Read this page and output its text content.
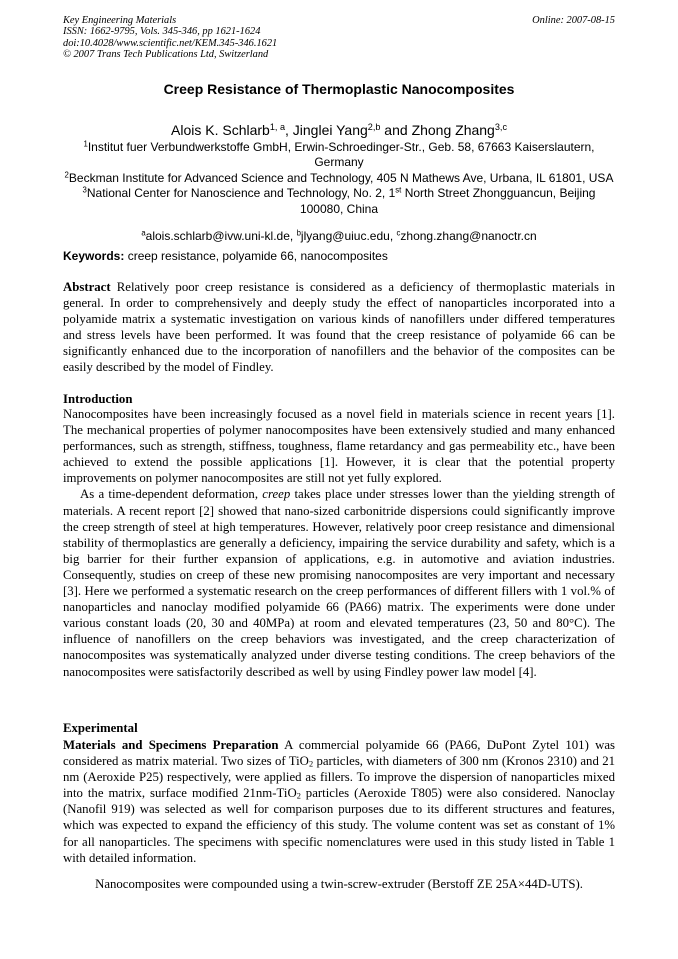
Key Engineering Materials
ISSN: 1662-9795, Vols. 345-346, pp 1621-1624
doi:10.4028/www.scientific.net/KEM.345-346.1621
© 2007 Trans Tech Publications Ltd, Switzerland
Online: 2007-08-15
Creep Resistance of Thermoplastic Nanocomposites
Alois K. Schlarb$^{1, a}$, Jinglei Yang$^{2,b}$ and Zhong Zhang$^{3,c}$

$^1$Institut fuer Verbundwerkstoffe GmbH, Erwin-Schroedinger-Str., Geb. 58, 67663 Kaiserslautern, Germany

$^2$Beckman Institute for Advanced Science and Technology, 405 N Mathews Ave, Urbana, IL 61801, USA

$^3$National Center for Nanoscience and Technology, No. 2, 1st North Street Zhongguancun, Beijing 100080, China

$^a$alois.schlarb@ivw.uni-kl.de, $^b$jlyang@uiuc.edu, $^c$zhong.zhang@nanoctr.cn
Keywords: creep resistance, polyamide 66, nanocomposites

Abstract Relatively poor creep resistance is considered as a deficiency of thermoplastic materials in general. In order to comprehensively and deeply study the effect of nanoparticles incorporated into a polyamide matrix a systematic investigation on various kinds of nanofillers under differed temperatures and stress levels have been performed. It was found that the creep resistance of polyamide 66 can be significantly enhanced due to the incorporation of nanofillers and the behavior of the composites can be easily described by the model of Findley.

Introduction

Nanocomposites have been increasingly focused as a novel field in materials science in recent years [1]. The mechanical properties of polymer nanocomposites have been extensively studied and many enhanced performances, such as strength, stiffness, toughness, flame retardancy and gas permeability etc., have been achieved to extend the possible applications [1]. However, it is clear that the potential property improvements on polymer nanocomposites are still not yet fully explored.

As a time-dependent deformation, creep takes place under stresses lower than the yielding strength of materials. A recent report [2] showed that nano-sized carbonitride dispersions could significantly improve the creep strength of steel at high temperatures. However, relatively poor creep resistance and dimensional stability of thermoplastics are generally a deficiency, impairing the service durability and safety, which is a big barrier for their further expansion of applications, e.g. in automotive and aviation industries. Consequently, studies on creep of these new promising nanocomposites are very important and necessary [3]. Here we performed a systematic research on the creep performances of different fillers with 1 vol.% of nanoparticles and nanoclay modified polyamide 66 (PA66) matrix. The experiments were done under various constant loads (20, 30 and 40MPa) at room and elevated temperatures (23, 50 and 80°C). The influence of nanofillers on the creep behaviors was investigated, and the creep characterization of nanocomposites was systematically analyzed under diverse testing conditions. The creep behaviors of the nanocomposites were satisfactorily described as well by using Findley power law model [4].

Experimental

Materials and Specimens Preparation A commercial polyamide 66 (PA66, DuPont Zytel 101) was considered as matrix material. Two sizes of TiO$_2$ particles, with diameters of 300 nm (Kronos 2310) and 21 nm (Aeroxide P25) respectively, were applied as fillers. To improve the dispersion of nanoparticles mixed into the matrix, surface modified 21nm-TiO$_2$ particles (Aeroxide T805) were also considered. Nanoclay (Nanofil 919) was selected as well for comparison purposes due to its different structures and features, which was expected to expand the efficiency of this study. The volume content was set as constant of 1% for all nanoparticles. The specimens with specific nomenclatures were used in this study listed in Table 1 with detailed information.

Nanocomposites were compounded using a twin-screw-extruder (Berstoff ZE 25A×44D-UTS).
